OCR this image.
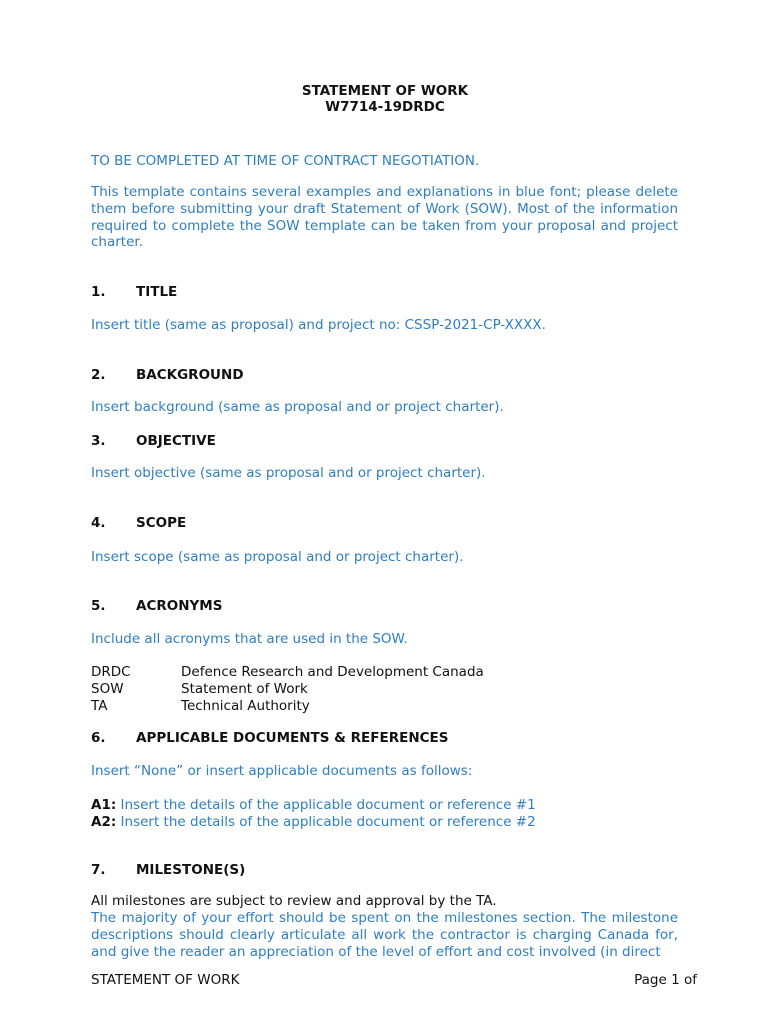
STATEMENT OF WORK
W7714-19DRDC
TO BE COMPLETED AT TIME OF CONTRACT NEGOTIATION.
This template contains several examples and explanations in blue font; please delete them before submitting your draft Statement of Work (SOW). Most of the information required to complete the SOW template can be taken from your proposal and project charter.
1. TITLE
Insert title (same as proposal) and project no: CSSP-2021-CP-XXXX.
2. BACKGROUND
Insert background (same as proposal and or project charter).
3. OBJECTIVE
Insert objective (same as proposal and or project charter).
4. SCOPE
Insert scope (same as proposal and or project charter).
5. ACRONYMS
Include all acronyms that are used in the SOW.
DRDC	Defence Research and Development Canada
SOW	Statement of Work
TA	Technical Authority
6. APPLICABLE DOCUMENTS & REFERENCES
Insert “None” or insert applicable documents as follows:
A1: Insert the details of the applicable document or reference #1
A2: Insert the details of the applicable document or reference #2
7. MILESTONE(S)
All milestones are subject to review and approval by the TA.
The majority of your effort should be spent on the milestones section. The milestone descriptions should clearly articulate all work the contractor is charging Canada for, and give the reader an appreciation of the level of effort and cost involved (in direct
STATEMENT OF WORK	Page 1 of
